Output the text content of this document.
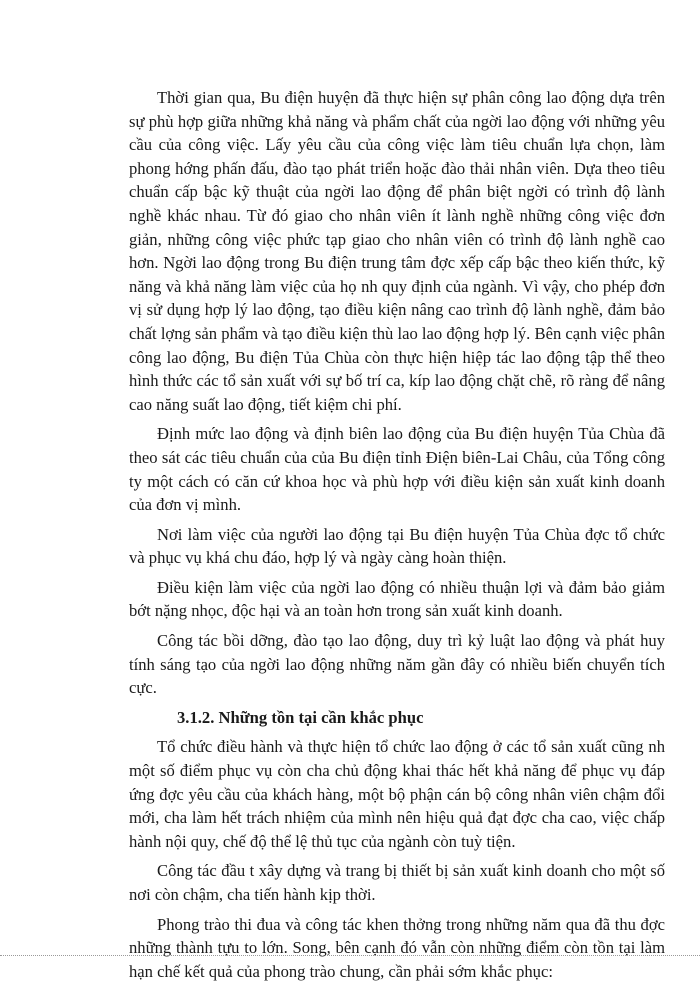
Thời gian qua, Bu điện huyện đã thực hiện sự phân công lao động dựa trên sự phù hợp giữa những khả năng và phẩm chất của ngời lao động với những yêu cầu của công việc. Lấy yêu cầu của công việc làm tiêu chuẩn lựa chọn, làm phong hớng phấn đấu, đào tạo phát triển hoặc đào thải nhân viên. Dựa theo tiêu chuẩn cấp bậc kỹ thuật của ngời lao động để phân biệt ngời có trình độ lành nghề khác nhau. Từ đó giao cho nhân viên ít lành nghề những công việc đơn giản, những công việc phức tạp giao cho nhân viên có trình độ lành nghề cao hơn. Ngời lao động trong Bu điện trung tâm đợc xếp cấp bậc theo kiến thức, kỹ năng và khả năng làm việc của họ nh quy định của ngành. Vì vậy, cho phép đơn vị sử dụng hợp lý lao động, tạo điều kiện nâng cao trình độ lành nghề, đảm bảo chất lợng sản phẩm và tạo điều kiện thù lao lao động hợp lý. Bên cạnh việc phân công lao động, Bu điện Tủa Chùa còn thực hiện hiệp tác lao động tập thể theo hình thức các tổ sản xuất với sự bố trí ca, kíp lao động chặt chẽ, rõ ràng để nâng cao năng suất lao động, tiết kiệm chi phí.

Định mức lao động và định biên lao động của Bu điện huyện Tủa Chùa đã theo sát các tiêu chuẩn của của Bu điện tỉnh Điện biên-Lai Châu, của Tổng công ty một cách có căn cứ khoa học và phù hợp với điều kiện sản xuất kinh doanh của đơn vị mình.

Nơi làm việc của người lao động tại Bu điện huyện Tủa Chùa đợc tổ chức và phục vụ khá chu đáo, hợp lý và ngày càng hoàn thiện.

Điều kiện làm việc của ngời lao động có nhiều thuận lợi và đảm bảo giảm bớt nặng nhọc, độc hại và an toàn hơn trong sản xuất kinh doanh.

Công tác bồi dỡng, đào tạo lao động, duy trì kỷ luật lao động và phát huy tính sáng tạo của ngời lao động những năm gần đây có nhiều biến chuyển tích cực.

3.1.2. Những tồn tại cần khắc phục

Tổ chức điều hành và thực hiện tổ chức lao động ở các tổ sản xuất cũng nh một số điểm phục vụ còn cha chủ động khai thác hết khả năng để phục vụ đáp ứng đợc yêu cầu của khách hàng, một bộ phận cán bộ công nhân viên chậm đổi mới, cha làm hết trách nhiệm của mình nên hiệu quả đạt đợc cha cao, việc chấp hành nội quy, chế độ thể lệ thủ tục của ngành còn tuỳ tiện.

Công tác đầu t xây dựng và trang bị thiết bị sản xuất kinh doanh cho một số nơi còn chậm, cha tiến hành kịp thời.

Phong trào thi đua và công tác khen thởng trong những năm qua đã thu đợc những thành tựu to lớn. Song, bên cạnh đó vẫn còn những điểm còn tồn tại làm hạn chế kết quả của phong trào chung, cần phải sớm khắc phục:
